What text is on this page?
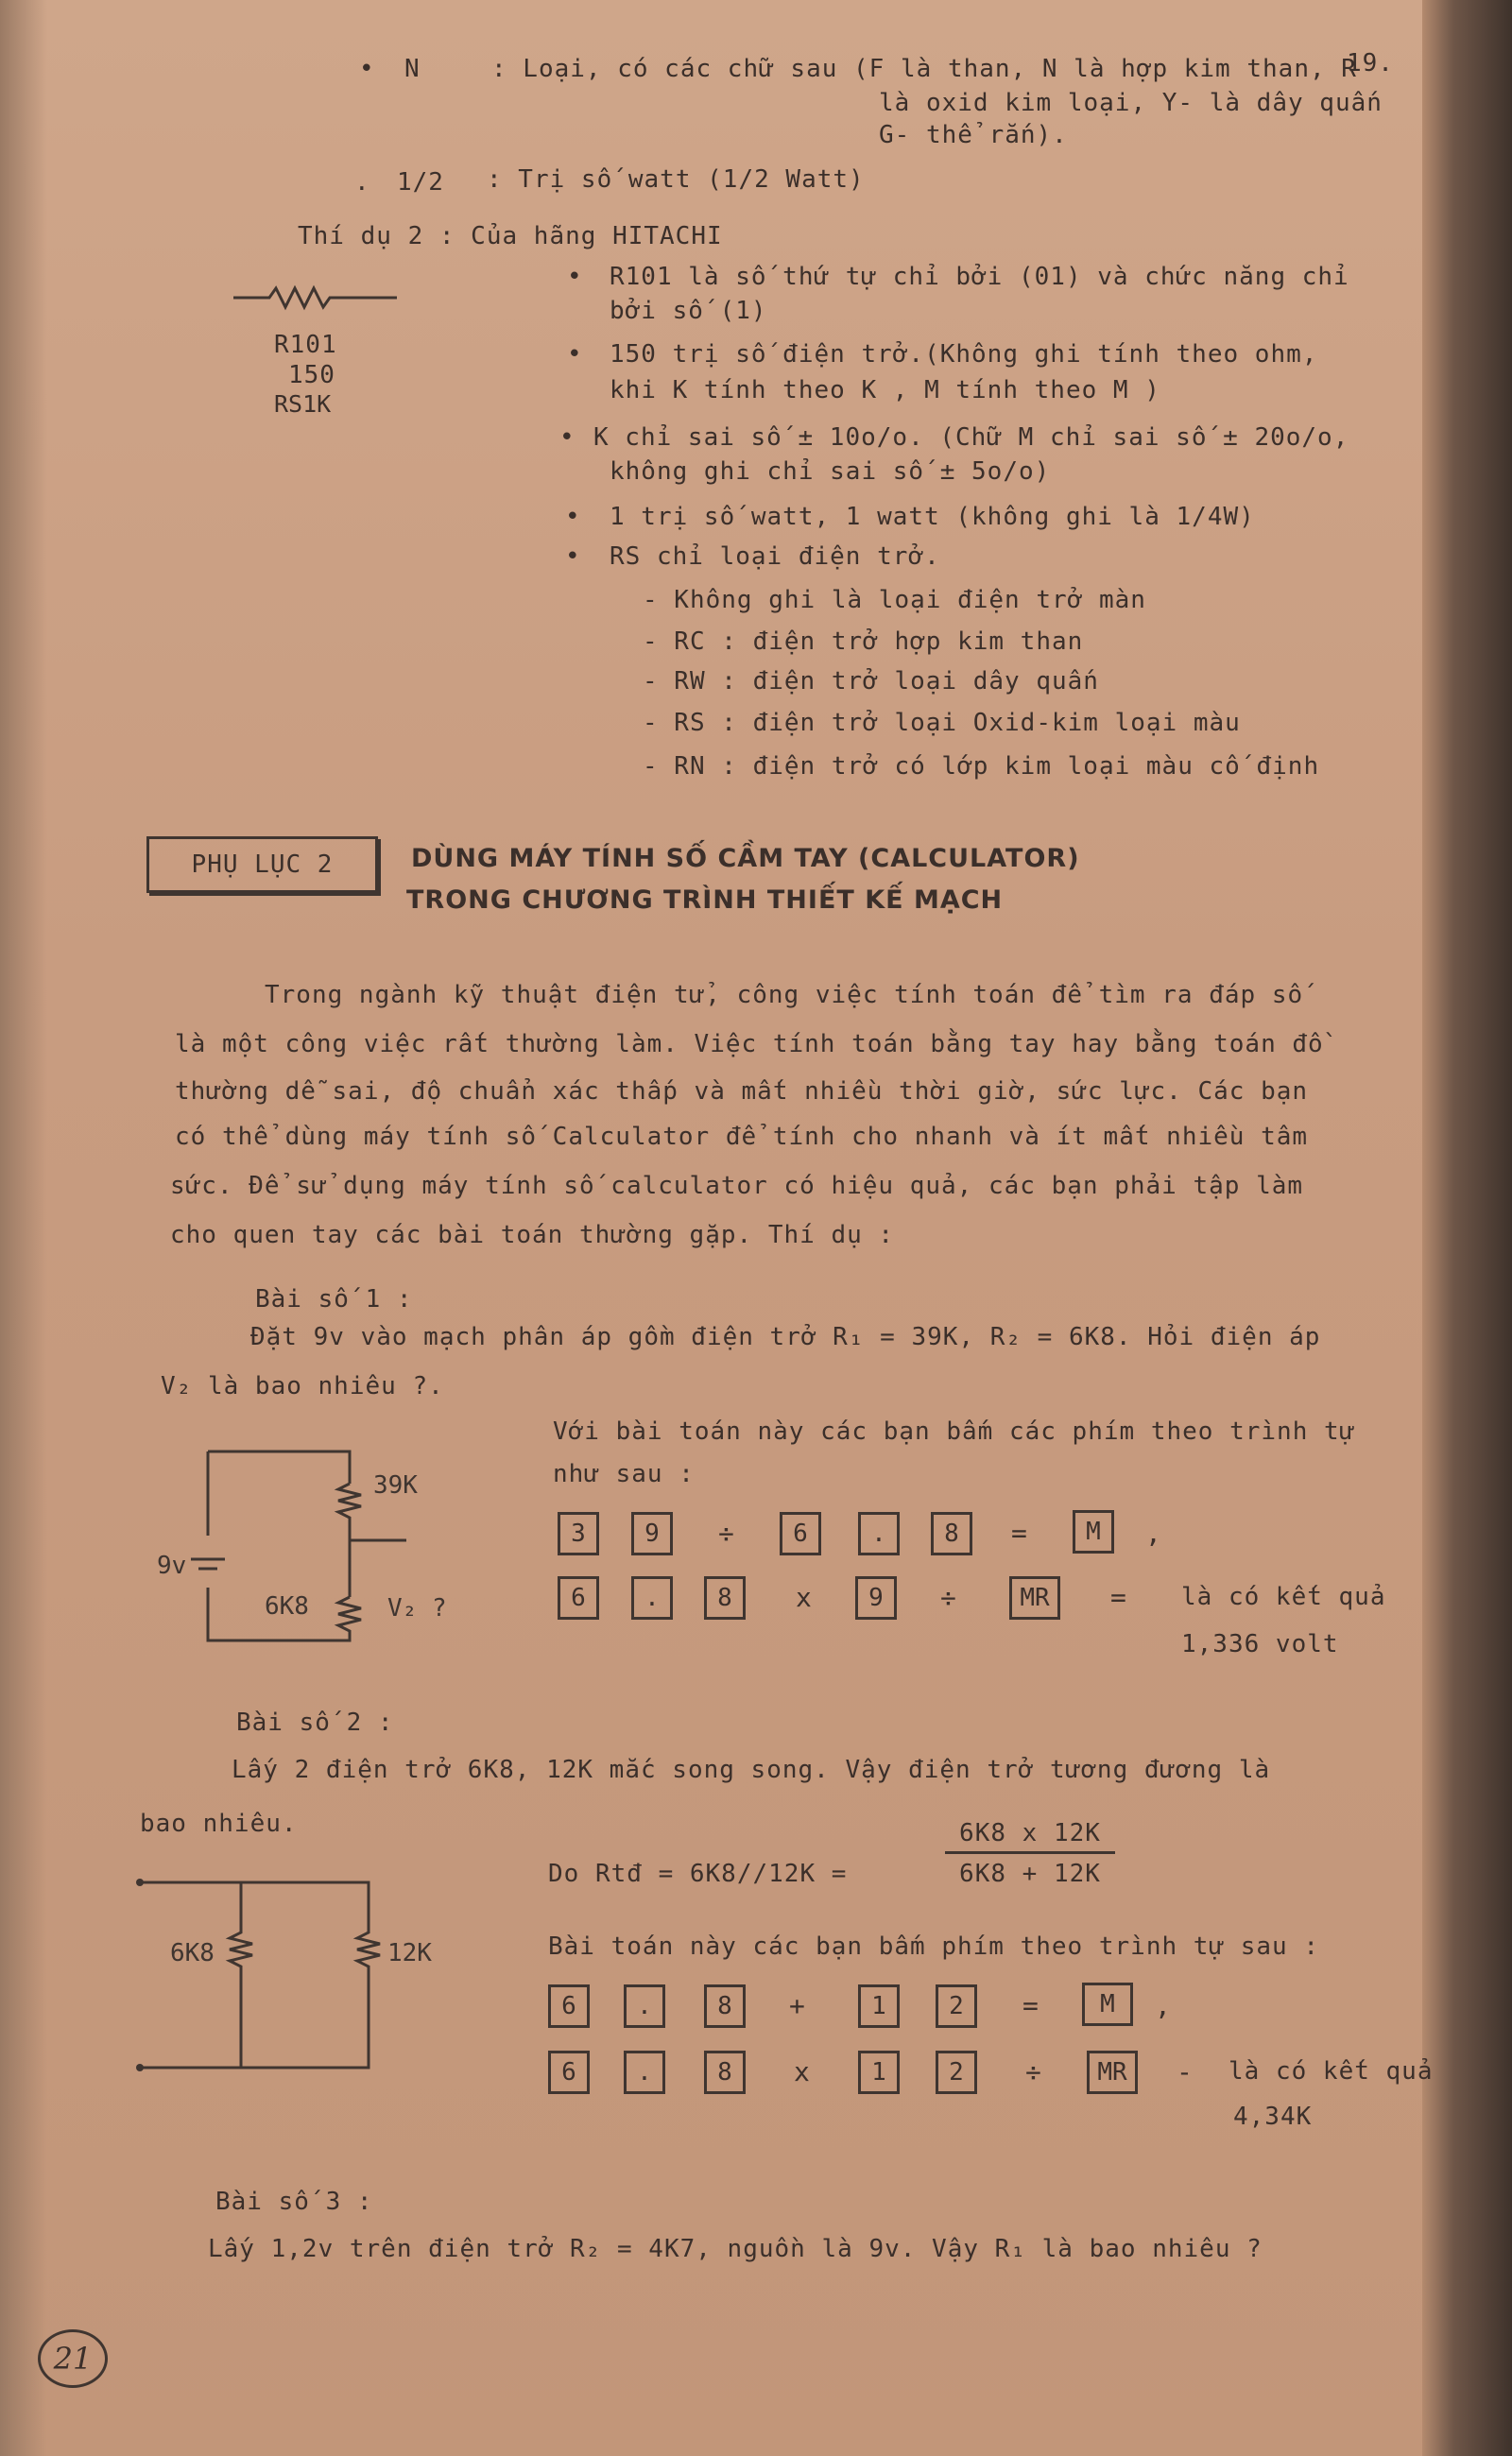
19.
• N	: Loại, có các chữ sau (F là than, N là hợp kim than, R
là oxid kim loại, Y- là dây quấn
G- thể rắn).
. 1/2 : Trị số watt (1/2 Watt)
Thí dụ 2 : Của hãng HITACHI
R101
150
RS1K
• R101 là số thứ tự chỉ bởi (01) và chức năng chỉ
bởi số (1)
• 150 trị số điện trở.(Không ghi tính theo ohm,
khi K tính theo K , M tính theo M )
• K chỉ sai số ± 10o/o. (Chữ M chỉ sai số ± 20o/o,
không ghi chỉ sai số ± 5o/o)
• 1 trị số watt, 1 watt (không ghi là 1/4W)
• RS chỉ loại điện trở.
- Không ghi là loại điện trở màn
- RC : điện trở hợp kim than
- RW : điện trở loại dây quấn
- RS : điện trở loại Oxid-kim loại màu
- RN : điện trở có lớp kim loại màu cố định
PHỤ LỤC 2	DÙNG MÁY TÍNH SỐ CẦM TAY (CALCULATOR)
TRONG CHƯƠNG TRÌNH THIẾT KẾ MẠCH
Trong ngành kỹ thuật điện tử, công việc tính toán để tìm ra đáp số
là một công việc rất thường làm. Việc tính toán bằng tay hay bằng toán đồ
thường dễ sai, độ chuẩn xác thấp và mất nhiều thời giờ, sức lực. Các bạn
có thể dùng máy tính số Calculator để tính cho nhanh và ít mất nhiều tâm
sức. Để sử dụng máy tính số calculator có hiệu quả, các bạn phải tập làm
cho quen tay các bài toán thường gặp. Thí dụ :
Bài số 1 :
Đặt 9v vào mạch phân áp gồm điện trở R₁ = 39K, R₂ = 6K8. Hỏi điện áp
V₂ là bao nhiêu ?.
39K
6K8
9v
V₂ ?
Với bài toán này các bạn bấm các phím theo trình tự
như sau :
3	9	÷	6	.	8	=	M	,
6	.	8	x	9	÷	MR	= là có kết quả
1,336 volt
Bài số 2 :
Lấy 2 điện trở 6K8, 12K mắc song song. Vậy điện trở tương đương là
bao nhiêu.
6K8	12K
Do Rtđ = 6K8//12K =	$\frac{6K8 x 12K}{6K8 + 12K}$
Bài toán này các bạn bấm phím theo trình tự sau :
6	.	8	+	1	2	=	M	,
6	.	8	x	1	2	÷	MR	- là có kết quả
4,34K
Bài số 3 :
Lấy 1,2v trên điện trở R₂ = 4K7, nguồn là 9v. Vậy R₁ là bao nhiêu ?
21
